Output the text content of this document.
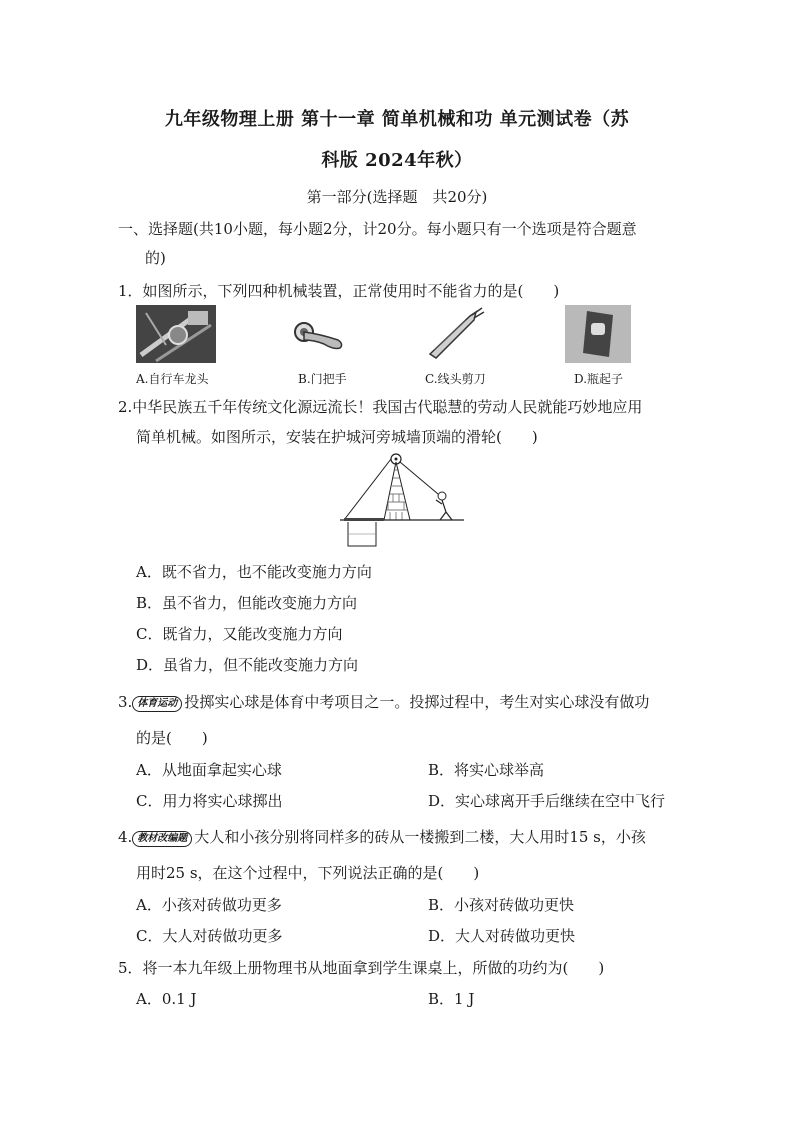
九年级物理上册 第十一章 简单机械和功 单元测试卷（苏
科版 2024年秋）
第一部分(选择题　共20分)
一、选择题(共10小题，每小题2分，计20分。每小题只有一个选项是符合题意
的)
1．如图所示，下列四种机械装置，正常使用时不能省力的是(　　)
A.自行车龙头	B.门把手	C.线头剪刀	D.瓶起子
2.中华民族五千年传统文化源远流长！我国古代聪慧的劳动人民就能巧妙地应用
简单机械。如图所示，安装在护城河旁城墙顶端的滑轮(　　)
A．既不省力，也不能改变施力方向
B．虽不省力，但能改变施力方向
C．既省力，又能改变施力方向
D．虽省力，但不能改变施力方向
3. 体育运动 投掷实心球是体育中考项目之一。投掷过程中，考生对实心球没有做功
的是(　　)
A．从地面拿起实心球	B．将实心球举高
C．用力将实心球掷出	D．实心球离开手后继续在空中飞行
4. 教材改编题 大人和小孩分别将同样多的砖从一楼搬到二楼，大人用时15 s，小孩
用时25 s，在这个过程中，下列说法正确的是(　　)
A．小孩对砖做功更多	B．小孩对砖做功更快
C．大人对砖做功更多	D．大人对砖做功更快
5．将一本九年级上册物理书从地面拿到学生课桌上，所做的功约为(　　)
A．0.1 J	B．1 J
